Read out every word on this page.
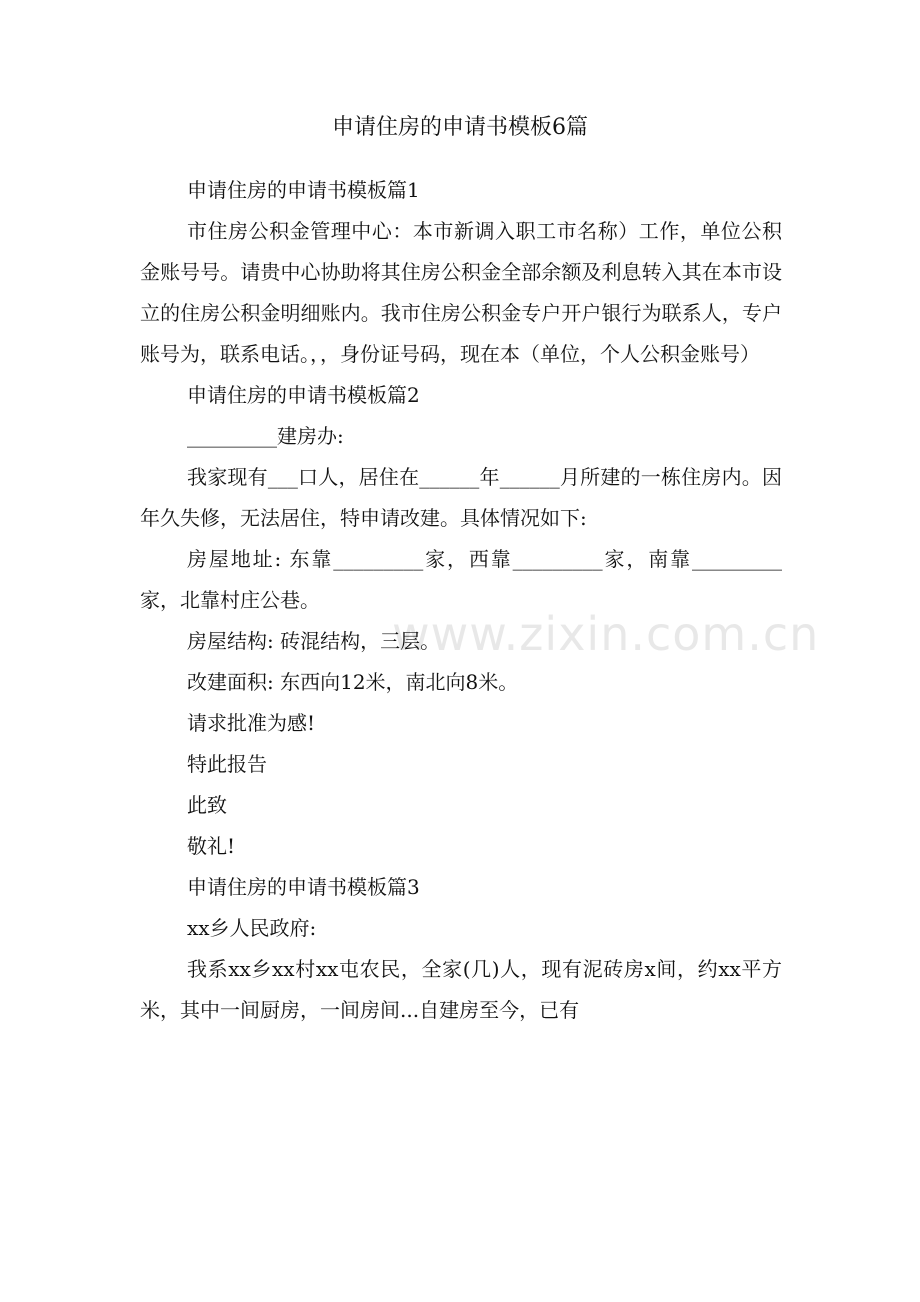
申请住房的申请书模板6篇
www.zixin.com.cn

申请住房的申请书模板篇1

市住房公积金管理中心：本市新调入职工市名称）工作，单位公积金账号号。请贵中心协助将其住房公积金全部余额及利息转入其在本市设立的住房公积金明细账内。我市住房公积金专户开户银行为联系人，专户账号为，联系电话。，，身份证号码，现在本（单位，个人公积金账号）

申请住房的申请书模板篇2

_________建房办:

我家现有___口人，居住在______年______月所建的一栋住房内。因年久失修，无法居住，特申请改建。具体情况如下:

房屋地址: 东靠_________家，西靠_________家，南靠_________家，北靠村庄公巷。

房屋结构: 砖混结构，三层。

改建面积: 东西向12米，南北向8米。

请求批准为感!

特此报告

此致

敬礼!

申请住房的申请书模板篇3

xx乡人民政府:

我系xx乡xx村xx屯农民，全家(几)人，现有泥砖房x间，约xx平方米，其中一间厨房，一间房间...自建房至今，已有
